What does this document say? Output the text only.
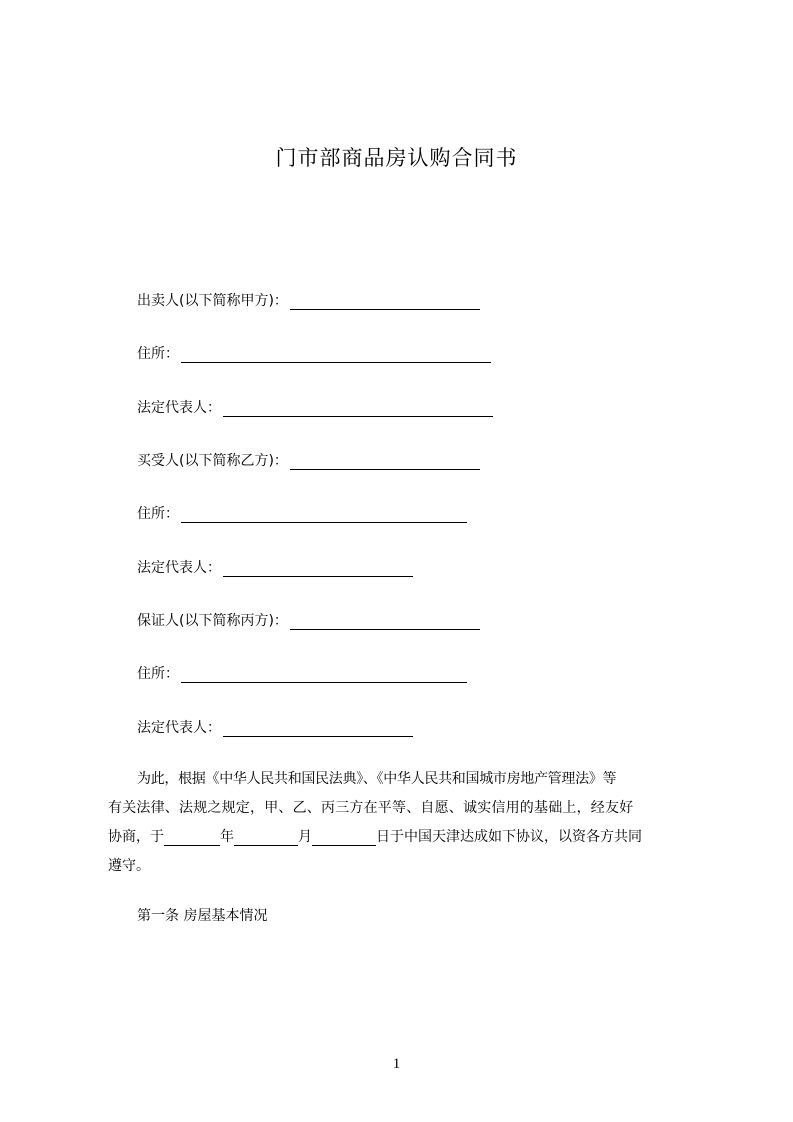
门市部商品房认购合同书
出卖人(以下简称甲方)：
住所：
法定代表人：
买受人(以下简称乙方)：
住所：
法定代表人：
保证人(以下简称丙方)：
住所：
法定代表人：
为此，根据《中华人民共和国民法典》、《中华人民共和国城市房地产管理法》等
有关法律、法规之规定，甲、乙、丙三方在平等、自愿、诚实信用的基础上，经友好
协商，于	年	月	日于中国天津达成如下协议，以资各方共同
遵守。
第一条 房屋基本情况
1
